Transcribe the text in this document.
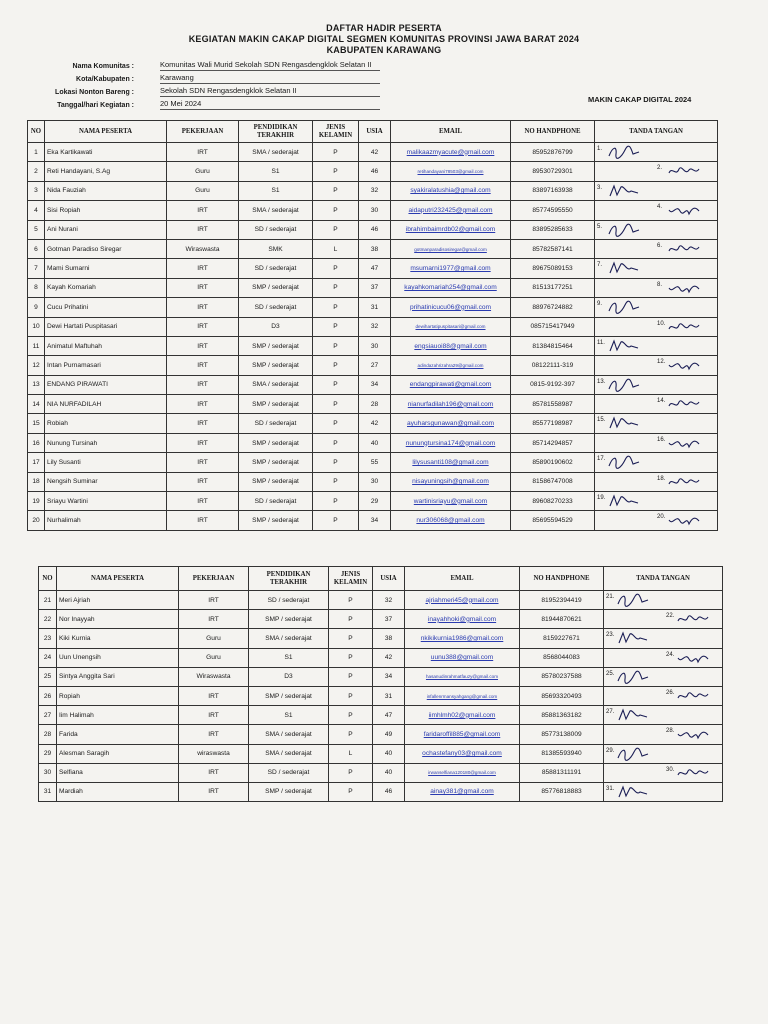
DAFTAR HADIR PESERTA
KEGIATAN MAKIN CAKAP DIGITAL SEGMEN KOMUNITAS PROVINSI JAWA BARAT 2024
KABUPATEN KARAWANG
Nama Komunitas :	Komunitas Wali Murid Sekolah SDN Rengasdengklok Selatan II
Kota/Kabupaten :	Karawang
Lokasi Nonton Bareng :	Sekolah SDN Rengasdengklok Selatan II
Tanggal/hari Kegiatan :	20 Mei 2024	MAKIN CAKAP DIGITAL 2024
NO	NAMA PESERTA	PEKERJAAN	PENDIDIKAN TERAKHIR	JENIS KELAMIN	USIA	EMAIL	NO HANDPHONE	TANDA TANGAN
1	Eka Kartikawati	IRT	SMA / sederajat	P	42	malikaazmyacute@gmail.com	85952876799	1.

2	Reti Handayani, S.Ag	Guru	S1	P	46	retihandayani78503@gmail.com	89530729301	2.

3	Nida Fauziah	Guru	S1	P	32	syakiralatushia@gmail.com	83897163938	3.

4	Sisi Ropiah	IRT	SMA / sederajat	P	30	aidaputri232425@gmail.com	85774595550	4.

5	Ani Nurani	IRT	SD / sederajat	P	46	ibrahimbaimrdb02@gmail.com	83895285633	5.

6	Gotman Paradiso Siregar	Wiraswasta	SMK	L	38	gotmanparadisosiregar@gmail.com	85782587141	6.

7	Mami Sumarni	IRT	SD / sederajat	P	47	msumarni1977@gmail.com	89675089153	7.

8	Kayah Komariah	IRT	SMP / sederajat	P	37	kayahkomariah254@gmail.com	81513177251	8.

9	Cucu Prihatini	IRT	SD / sederajat	P	31	prihatinicucu06@gmail.com	88976724882	9.

10	Dewi Hartati Puspitasari	IRT	D3	P	32	dewihartatipuspitasari@gmail.com	085715417949	10.

11	Animatul Maftuhah	IRT	SMP / sederajat	P	30	engsiauoi88@gmail.com	81384815464	11.

12	Intan Purnamasari	IRT	SMP / sederajat	P	27	adindazahrizahra29@gmail.com	08122111-319	12.

13	ENDANG PIRAWATI	IRT	SMA / sederajat	P	34	endangpirawati@gmail.com	0815-9192-397	13.

14	NIA NURFADILAH	IRT	SMP / sederajat	P	28	nianurfadilah196@gmail.com	85781558987	14.

15	Robiah	IRT	SD / sederajat	P	42	ayuharsgunawan@gmail.com	85577198987	15.

16	Nunung Tursinah	IRT	SMP / sederajat	P	40	nunungtursina174@gmail.com	85714294857	16.

17	Lily Susanti	IRT	SMP / sederajat	P	55	lilysusanti108@gmail.com	85890190602	17.

18	Nengsih Suminar	IRT	SMP / sederajat	P	30	nisayuningsih@gmail.com	81586747008	18.

19	Sriayu Wartini	IRT	SD / sederajat	P	29	wartinisriayu@gmail.com	89608270233	19.

20	Nurhalimah	IRT	SMP / sederajat	P	34	nur306068@gmail.com	85695594529	20.
NO	NAMA PESERTA	PEKERJAAN	PENDIDIKAN TERAKHIR	JENIS KELAMIN	USIA	EMAIL	NO HANDPHONE	TANDA TANGAN
21	Meri Ajriah	IRT	SD / sederajat	P	32	ajriahmeri45@gmail.com	81952394419	21.

22	Nor Inayyah	IRT	SMP / sederajat	P	37	inayahhoki@gmail.com	81944870621	22.

23	Kiki Kurnia	Guru	SMA / sederajat	P	38	nkikikurnia1986@gmail.com	8159227671	23.

24	Uun Unengsih	Guru	S1	P	42	uunu388@gmail.com	8568044083	24.

25	Sintya Anggita Sari	Wiraswasta	D3	P	34	hasanudinrahmatfauzy@gmail.com	85780237588	25.

26	Ropiah	IRT	SMP / sederajat	P	31	infallenrmansyahgang@gmail.com	85693320493	26.

27	Iim Halimah	IRT	S1	P	47	iimhlmh02@gmail.com	85881363182	27.

28	Farida	IRT	SMA / sederajat	P	49	faridaroffil885@gmail.com	85773138009	28.

29	Alesman Saragih	wiraswasta	SMA / sederajat	L	40	ochastefany03@gmail.com	81385593940	29.

30	Selfiana	IRT	SD / sederajat	P	40	irwanselfiana120180@gmail.com	85881311191	30.

31	Mardiah	IRT	SMP / sederajat	P	46	ainay381@gmail.com	85776818883	31.
